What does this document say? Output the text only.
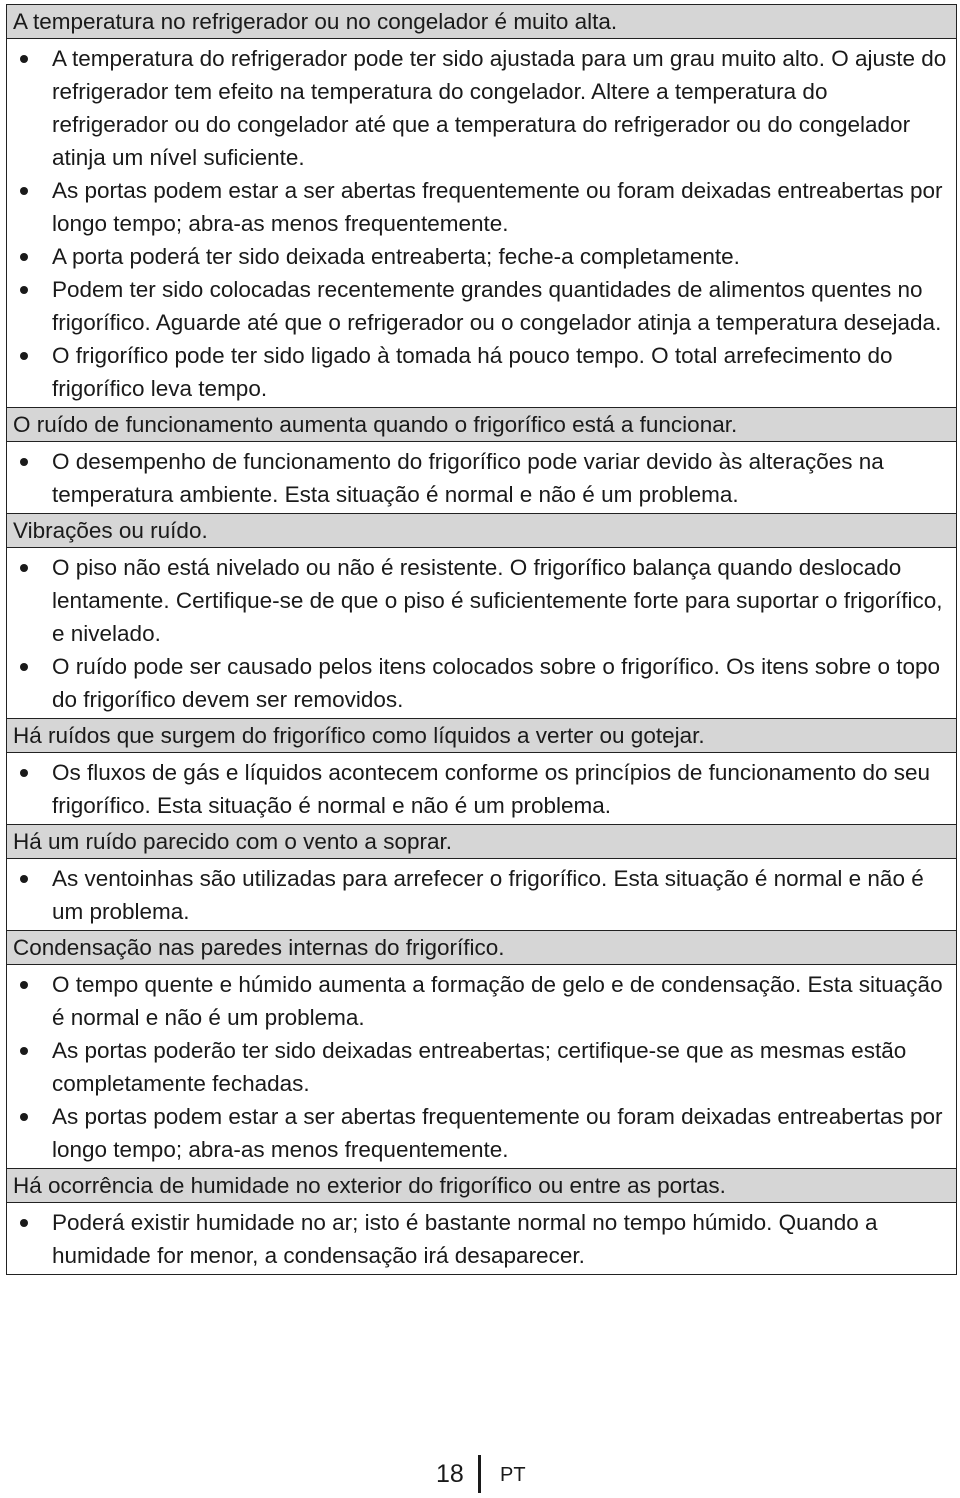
A temperatura no refrigerador ou no congelador é muito alta.
A temperatura do refrigerador pode ter sido ajustada para um grau muito alto. O ajuste do refrigerador tem efeito na temperatura do congelador. Altere a temperatura do refrigerador ou do congelador até que a temperatura do refrigerador ou do congelador atinja um nível suficiente.
As portas podem estar a ser abertas frequentemente ou foram deixadas entreabertas por longo tempo; abra-as menos frequentemente.
A porta poderá ter sido deixada entreaberta; feche-a completamente.
Podem ter sido colocadas recentemente grandes quantidades de alimentos quentes no frigorífico. Aguarde até que o refrigerador ou o congelador atinja a temperatura desejada.
O frigorífico pode ter sido ligado à tomada há pouco tempo. O total arrefecimento do frigorífico leva tempo.
O ruído de funcionamento aumenta quando o frigorífico está a funcionar.
O desempenho de funcionamento do frigorífico pode variar devido às alterações na temperatura ambiente. Esta situação é normal e não é um problema.
Vibrações ou ruído.
O piso não está nivelado ou não é resistente. O frigorífico balança quando deslocado lentamente. Certifique-se de que o piso é suficientemente forte para suportar o frigorífico, e nivelado.
O ruído pode ser causado pelos itens colocados sobre o frigorífico. Os itens sobre o topo do frigorífico devem ser removidos.
Há ruídos que surgem do frigorífico como líquidos a verter ou gotejar.
Os fluxos de gás e líquidos acontecem conforme os princípios de funcionamento do seu frigorífico. Esta situação é normal e não é um problema.
Há um ruído parecido com o vento a soprar.
As ventoinhas são utilizadas para arrefecer o frigorífico. Esta situação é normal e não é um problema.
Condensação nas paredes internas do frigorífico.
O tempo quente e húmido aumenta a formação de gelo e de condensação. Esta situação é normal e não é um problema.
As portas poderão ter sido deixadas entreabertas; certifique-se que as mesmas estão completamente fechadas.
As portas podem estar a ser abertas frequentemente ou foram deixadas entreabertas por longo tempo; abra-as menos frequentemente.
Há ocorrência de humidade no exterior do frigorífico ou entre as portas.
Poderá existir humidade no ar; isto é bastante normal no tempo húmido. Quando a humidade for menor, a condensação irá desaparecer.
18 PT
